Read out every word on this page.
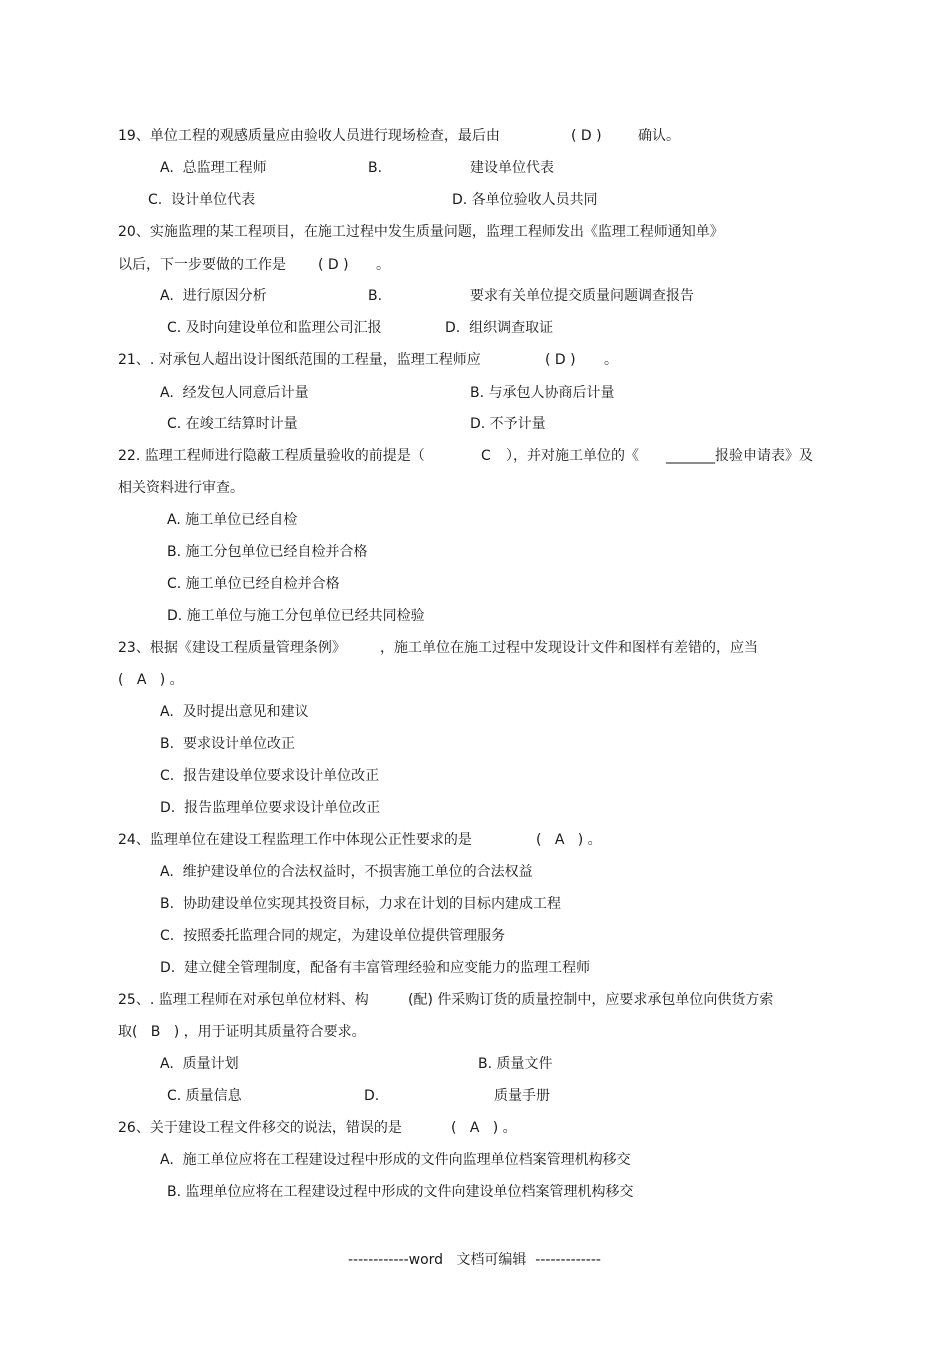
19、单位工程的观感质量应由验收人员进行现场检查，最后由	( D )	确认。
A.  总监理工程师	B.	建设单位代表
C.  设计单位代表	D. 各单位验收人员共同
20、实施监理的某工程项目，在施工过程中发生质量问题，监理工程师发出《监理工程师通知单》
以后，下一步要做的工作是 ( D ) 。
A.  进行原因分析	B.	要求有关单位提交质量问题调查报告
C. 及时向建设单位和监理公司汇报	D.  组织调查取证
21、. 对承包人超出设计图纸范围的工程量，监理工程师应	( D ) 。
A.  经发包人同意后计量	B. 与承包人协商后计量
C. 在竣工结算时计量	D. 不予计量
22. 监理工程师进行隐蔽工程质量验收的前提是（	C ），并对施工单位的《 _______报验申请表》及
相关资料进行审查。
A. 施工单位已经自检
B. 施工分包单位已经自检并合格
C. 施工单位已经自检并合格
D. 施工单位与施工分包单位已经共同检验
23、根据《建设工程质量管理条例》 ，施工单位在施工过程中发现设计文件和图样有差错的，应当
(   A   ) 。
A.  及时提出意见和建议
B.  要求设计单位改正
C.  报告建设单位要求设计单位改正
D.  报告监理单位要求设计单位改正
24、监理单位在建设工程监理工作中体现公正性要求的是	(   A   ) 。
A.  维护建设单位的合法权益时，不损害施工单位的合法权益
B.  协助建设单位实现其投资目标，力求在计划的目标内建成工程
C.  按照委托监理合同的规定，为建设单位提供管理服务
D.  建立健全管理制度，配备有丰富管理经验和应变能力的监理工程师
25、. 监理工程师在对承包单位材料、构	(配) 件采购订货的质量控制中，应要求承包单位向供货方索
取(   B   ) ，用于证明其质量符合要求。
A.  质量计划	B. 质量文件
C. 质量信息	D.	质量手册
26、关于建设工程文件移交的说法，错误的是	(   A   ) 。
A.  施工单位应将在工程建设过程中形成的文件向监理单位档案管理机构移交
B. 监理单位应将在工程建设过程中形成的文件向建设单位档案管理机构移交
------------word   文档可编辑  -------------
